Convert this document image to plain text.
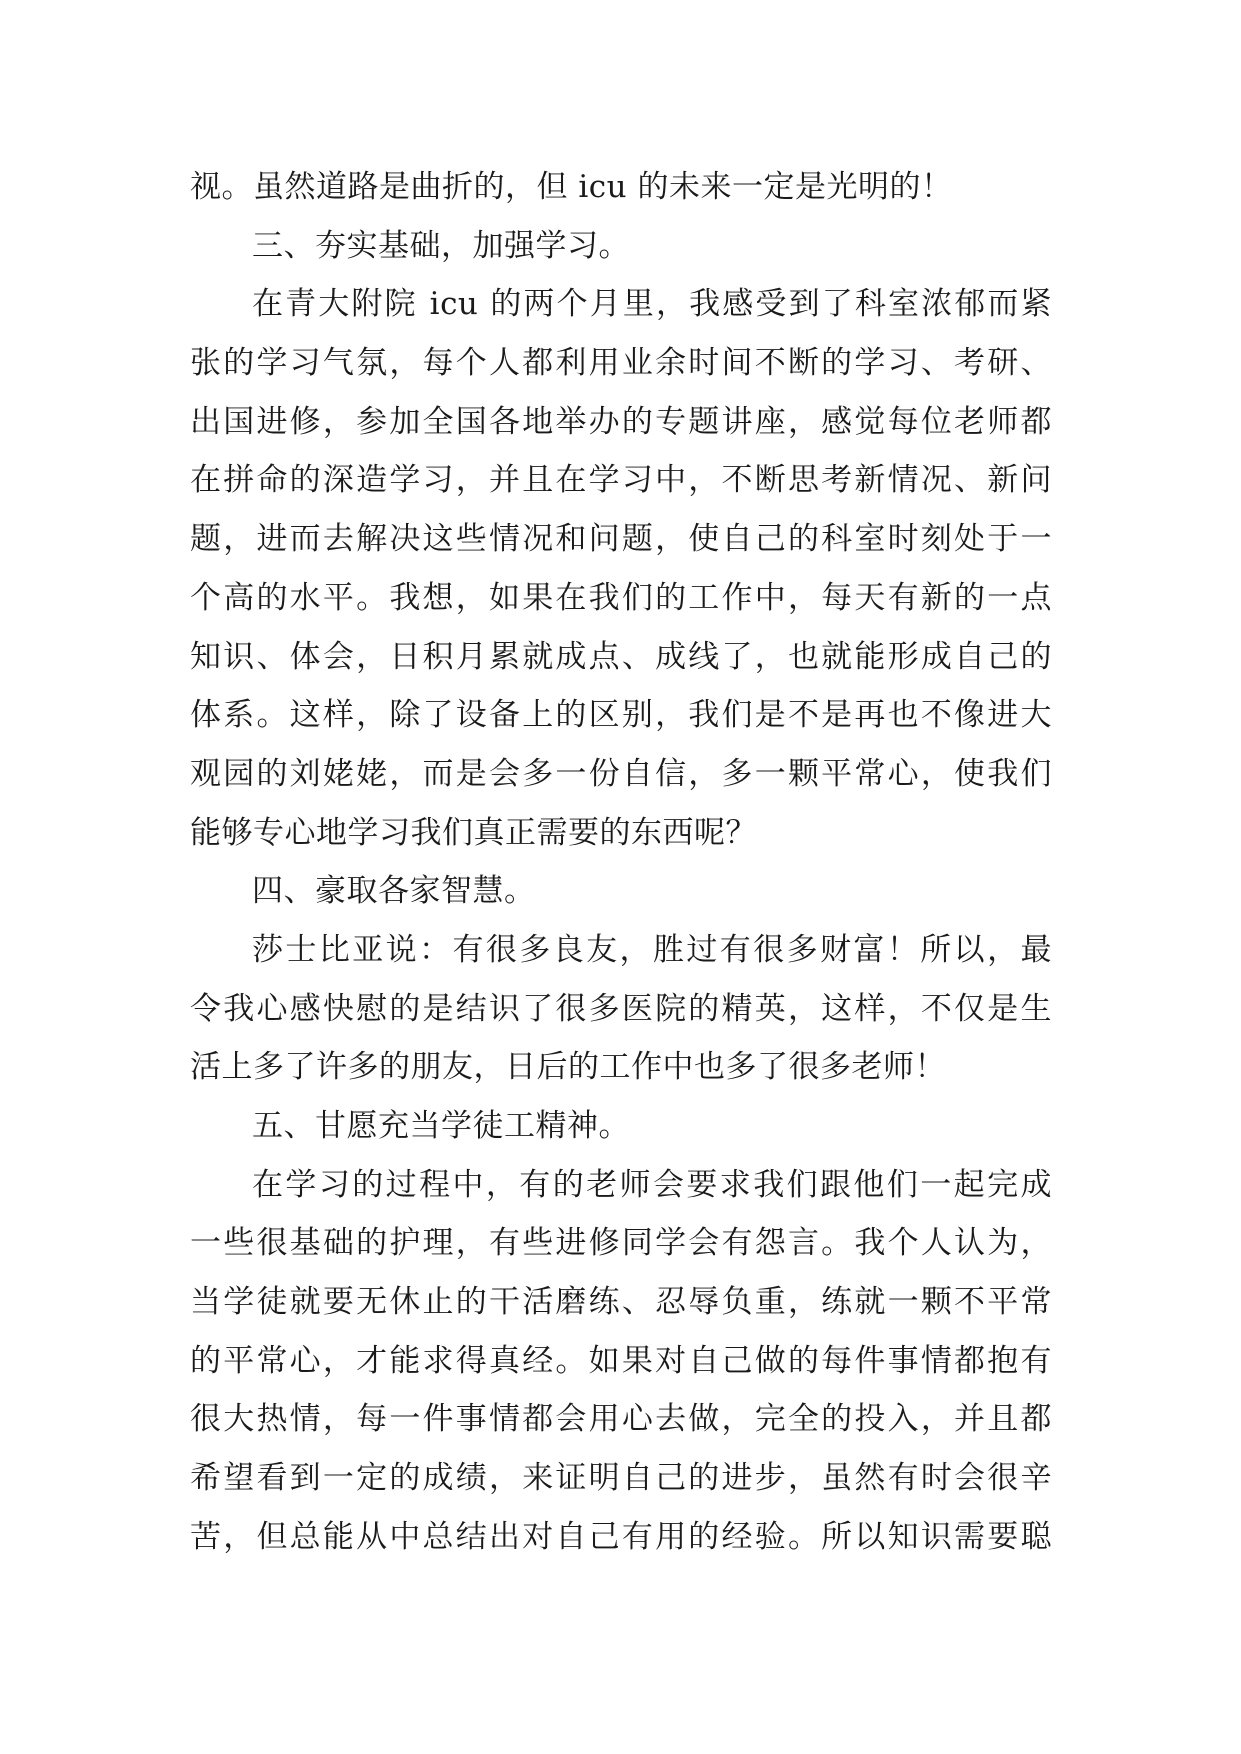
视。虽然道路是曲折的，但 icu 的未来一定是光明的！
三、夯实基础，加强学习。
在青大附院 icu 的两个月里，我感受到了科室浓郁而紧
张的学习气氛，每个人都利用业余时间不断的学习、考研、
出国进修，参加全国各地举办的专题讲座，感觉每位老师都
在拼命的深造学习，并且在学习中，不断思考新情况、新问
题，进而去解决这些情况和问题，使自己的科室时刻处于一
个高的水平。我想，如果在我们的工作中，每天有新的一点
知识、体会，日积月累就成点、成线了，也就能形成自己的
体系。这样，除了设备上的区别，我们是不是再也不像进大
观园的刘姥姥，而是会多一份自信，多一颗平常心，使我们
能够专心地学习我们真正需要的东西呢？
四、豪取各家智慧。
莎士比亚说：有很多良友，胜过有很多财富！所以，最
令我心感快慰的是结识了很多医院的精英，这样，不仅是生
活上多了许多的朋友，日后的工作中也多了很多老师！
五、甘愿充当学徒工精神。
在学习的过程中，有的老师会要求我们跟他们一起完成
一些很基础的护理，有些进修同学会有怨言。我个人认为，
当学徒就要无休止的干活磨练、忍辱负重，练就一颗不平常
的平常心，才能求得真经。如果对自己做的每件事情都抱有
很大热情，每一件事情都会用心去做，完全的投入，并且都
希望看到一定的成绩，来证明自己的进步，虽然有时会很辛
苦，但总能从中总结出对自己有用的经验。所以知识需要聪
